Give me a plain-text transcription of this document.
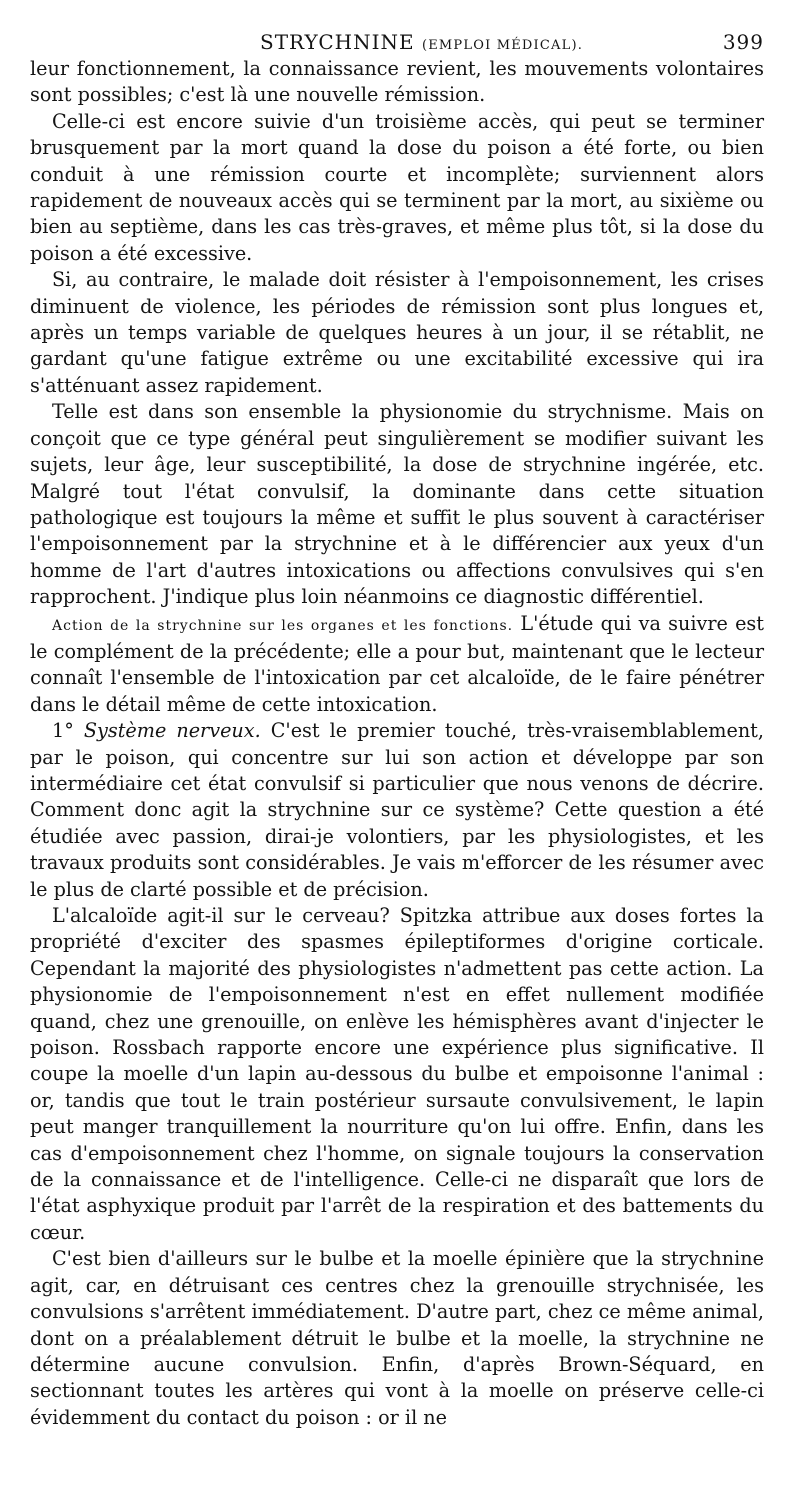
STRYCHNINE (EMPLOI MÉDICAL).	399

leur fonctionnement, la connaissance revient, les mouvements volontaires sont possibles; c'est là une nouvelle rémission.

Celle-ci est encore suivie d'un troisième accès, qui peut se terminer brusquement par la mort quand la dose du poison a été forte, ou bien conduit à une rémission courte et incomplète; surviennent alors rapidement de nouveaux accès qui se terminent par la mort, au sixième ou bien au septième, dans les cas très-graves, et même plus tôt, si la dose du poison a été excessive.

Si, au contraire, le malade doit résister à l'empoisonnement, les crises diminuent de violence, les périodes de rémission sont plus longues et, après un temps variable de quelques heures à un jour, il se rétablit, ne gardant qu'une fatigue extrême ou une excitabilité excessive qui ira s'atténuant assez rapidement.

Telle est dans son ensemble la physionomie du strychnisme. Mais on conçoit que ce type général peut singulièrement se modifier suivant les sujets, leur âge, leur susceptibilité, la dose de strychnine ingérée, etc. Malgré tout l'état convulsif, la dominante dans cette situation pathologique est toujours la même et suffit le plus souvent à caractériser l'empoisonnement par la strychnine et à le différencier aux yeux d'un homme de l'art d'autres intoxications ou affections convulsives qui s'en rapprochent. J'indique plus loin néanmoins ce diagnostic différentiel.

Action de la strychnine sur les organes et les fonctions. L'étude qui va suivre est le complément de la précédente; elle a pour but, maintenant que le lecteur connaît l'ensemble de l'intoxication par cet alcaloïde, de le faire pénétrer dans le détail même de cette intoxication.

1° Système nerveux. C'est le premier touché, très-vraisemblablement, par le poison, qui concentre sur lui son action et développe par son intermédiaire cet état convulsif si particulier que nous venons de décrire. Comment donc agit la strychnine sur ce système? Cette question a été étudiée avec passion, dirai-je volontiers, par les physiologistes, et les travaux produits sont considérables. Je vais m'efforcer de les résumer avec le plus de clarté possible et de précision.

L'alcaloïde agit-il sur le cerveau? Spitzka attribue aux doses fortes la propriété d'exciter des spasmes épileptiformes d'origine corticale. Cependant la majorité des physiologistes n'admettent pas cette action. La physionomie de l'empoisonnement n'est en effet nullement modifiée quand, chez une grenouille, on enlève les hémisphères avant d'injecter le poison. Rossbach rapporte encore une expérience plus significative. Il coupe la moelle d'un lapin au-dessous du bulbe et empoisonne l'animal : or, tandis que tout le train postérieur sursaute convulsivement, le lapin peut manger tranquillement la nourriture qu'on lui offre. Enfin, dans les cas d'empoisonnement chez l'homme, on signale toujours la conservation de la connaissance et de l'intelligence. Celle-ci ne disparaît que lors de l'état asphyxique produit par l'arrêt de la respiration et des battements du cœur.

C'est bien d'ailleurs sur le bulbe et la moelle épinière que la strychnine agit, car, en détruisant ces centres chez la grenouille strychnisée, les convulsions s'arrêtent immédiatement. D'autre part, chez ce même animal, dont on a préalablement détruit le bulbe et la moelle, la strychnine ne détermine aucune convulsion. Enfin, d'après Brown-Séquard, en sectionnant toutes les artères qui vont à la moelle on préserve celle-ci évidemment du contact du poison : or il ne
